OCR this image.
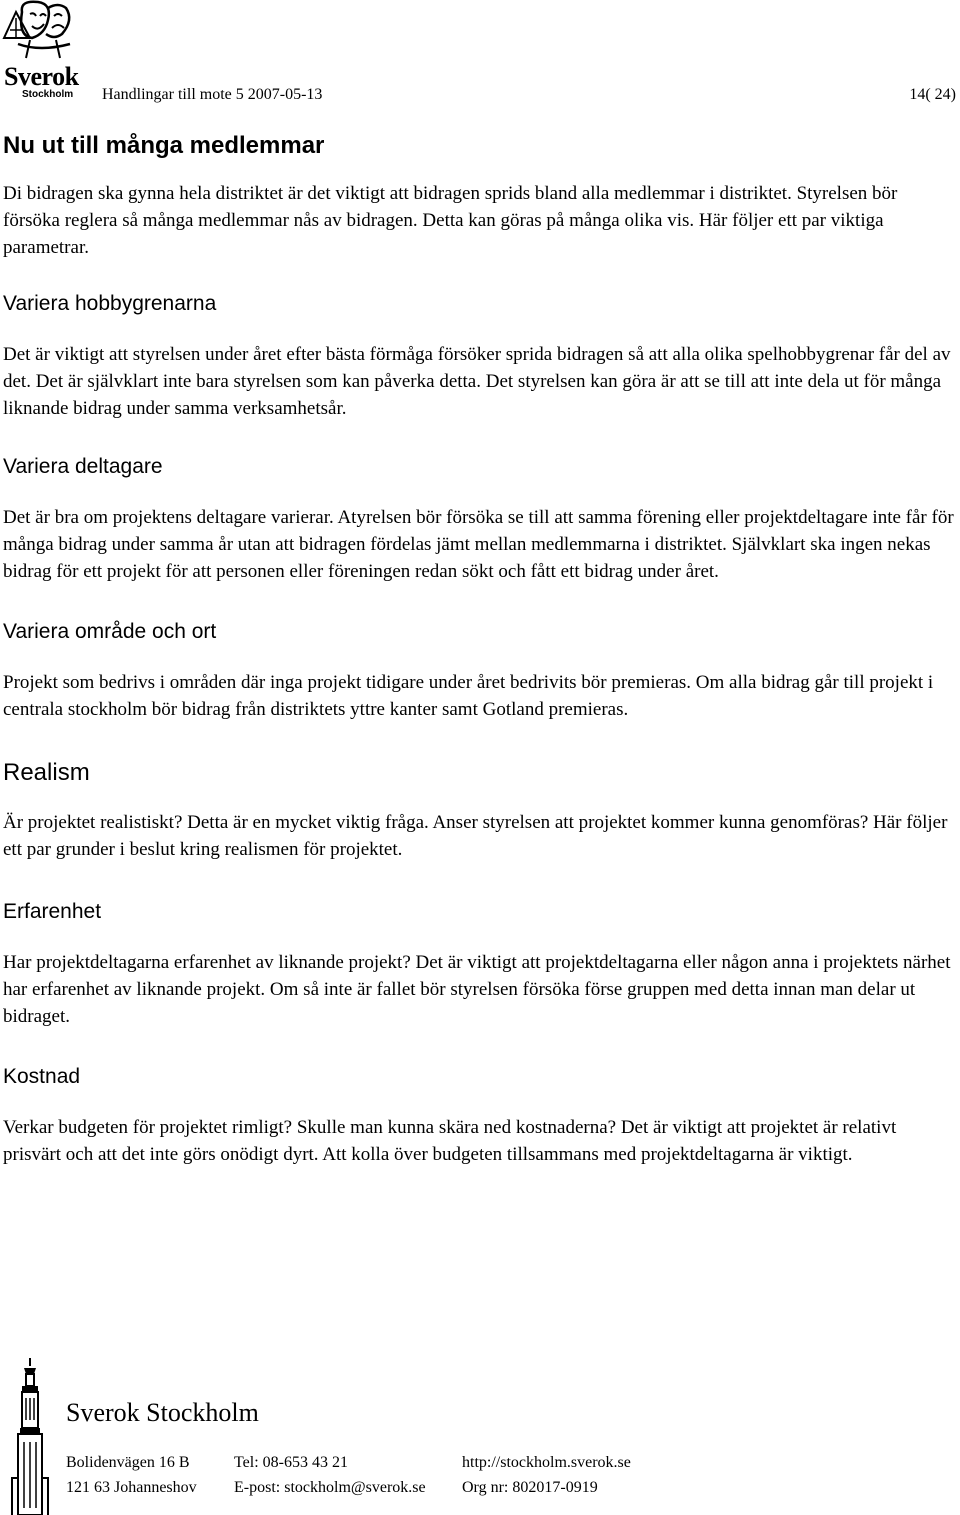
Sverok
Stockholm Handlingar till mote 5 2007-05-13	14( 24)
Nu ut till många medlemmar

Di bidragen ska gynna hela distriktet är det viktigt att bidragen sprids bland alla medlemmar i distriktet. Styrelsen bör försöka reglera så många medlemmar nås av bidragen. Detta kan göras på många olika vis. Här följer ett par viktiga parametrar.

Variera hobbygrenarna

Det är viktigt att styrelsen under året efter bästa förmåga försöker sprida bidragen så att alla olika spelhobbygrenar får del av det. Det är självklart inte bara styrelsen som kan påverka detta. Det styrelsen kan göra är att se till att inte dela ut för många liknande bidrag under samma verksamhetsår.

Variera deltagare

Det är bra om projektens deltagare varierar. Atyrelsen bör försöka se till att samma förening eller projektdeltagare inte får för många bidrag under samma år utan att bidragen fördelas jämt mellan medlemmarna i distriktet. Självklart ska ingen nekas bidrag för ett projekt för att personen eller föreningen redan sökt och fått ett bidrag under året.

Variera område och ort

Projekt som bedrivs i områden där inga projekt tidigare under året bedrivits bör premieras. Om alla bidrag går till projekt i centrala stockholm bör bidrag från distriktets yttre kanter samt Gotland premieras.

Realism

Är projektet realistiskt? Detta är en mycket viktig fråga. Anser styrelsen att projektet kommer kunna genomföras? Här följer ett par grunder i beslut kring realismen för projektet.

Erfarenhet

Har projektdeltagarna erfarenhet av liknande projekt? Det är viktigt att projektdeltagarna eller någon anna i projektets närhet har erfarenhet av liknande projekt. Om så inte är fallet bör styrelsen försöka förse gruppen med detta innan man delar ut bidraget.

Kostnad

Verkar budgeten för projektet rimligt? Skulle man kunna skära ned kostnaderna? Det är viktigt att projektet är relativt prisvärt och att det inte görs onödigt dyrt. Att kolla över budgeten tillsammans med projektdeltagarna är viktigt.

Sverok Stockholm
Bolidenvägen 16 B
121 63 Johanneshov
Tel: 08-653 43 21
E-post: stockholm@sverok.se
http://stockholm.sverok.se
Org nr: 802017-0919
